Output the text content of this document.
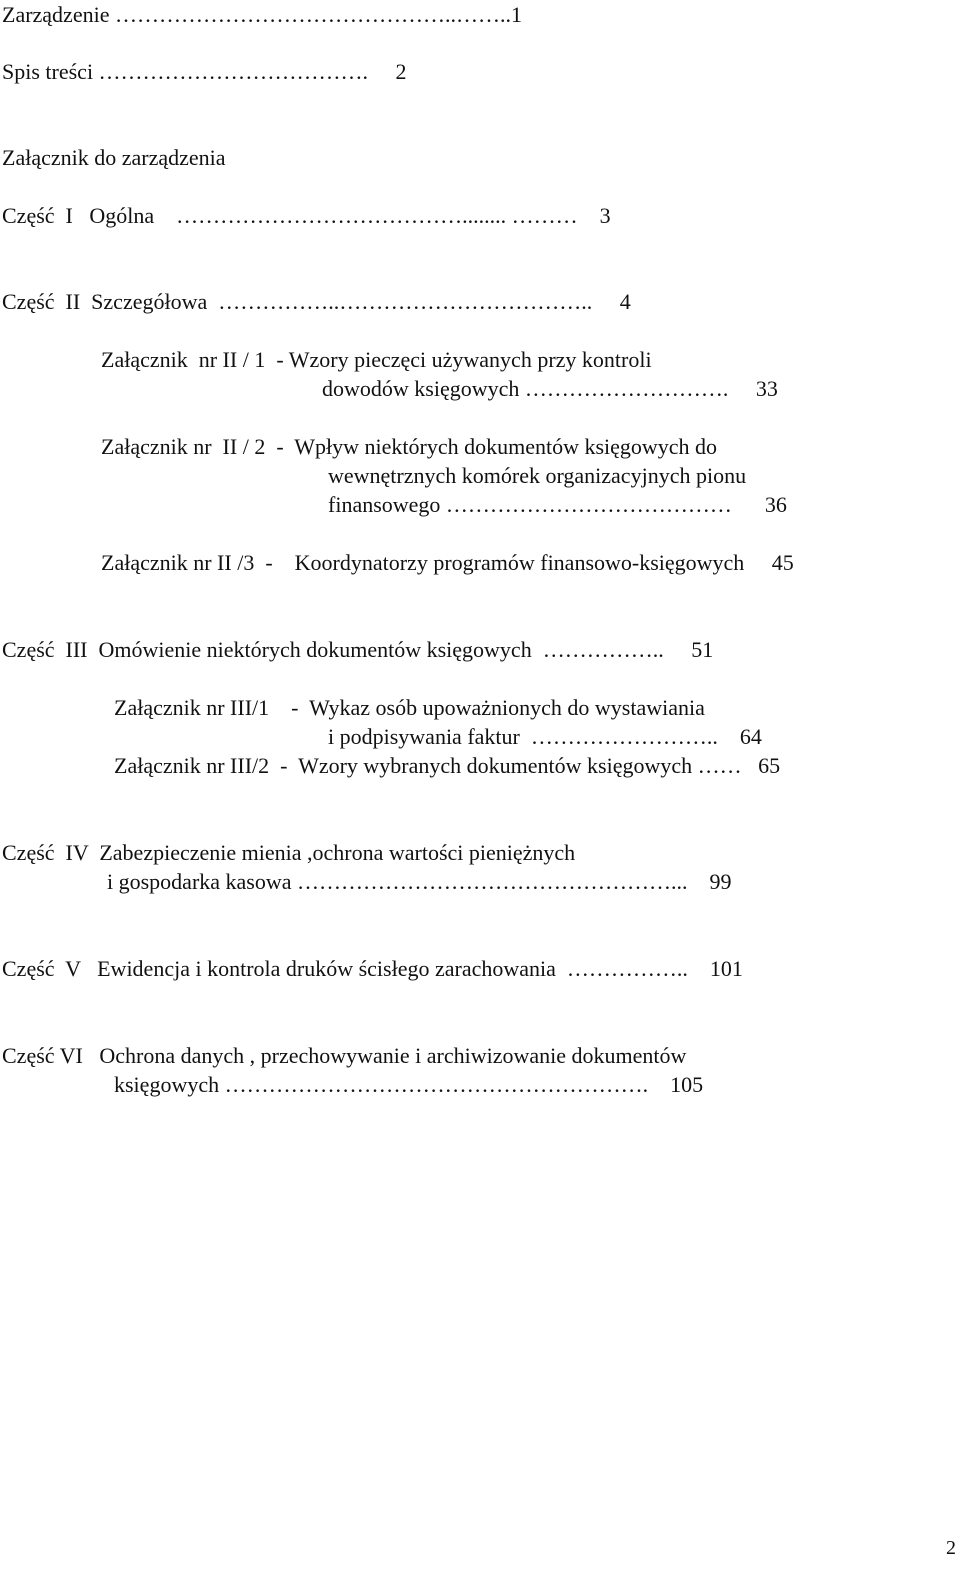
Zarządzenie ………………………………………..……..1
Spis treści ……………………………….     2
Załącznik do zarządzenia
Część  I   Ogólna    …………………………………........ ………    3
Część  II  Szczegółowa  ……………..……………………………..     4
Załącznik  nr II / 1  - Wzory pieczęci używanych przy kontroli
dowodów księgowych ……………………….     33
Załącznik nr  II / 2  -  Wpływ niektórych dokumentów księgowych do
wewnętrznych komórek organizacyjnych pionu
finansowego …………………………………      36
Załącznik nr II /3  -    Koordynatorzy programów finansowo-księgowych     45
Część  III  Omówienie niektórych dokumentów księgowych  ……………..     51
Załącznik nr III/1    -  Wykaz osób upoważnionych do wystawiania
i podpisywania faktur  ……………………..    64
Załącznik nr III/2  -  Wzory wybranych dokumentów księgowych ……   65
Część  IV  Zabezpieczenie mienia ,ochrona wartości pieniężnych
i gospodarka kasowa ……………………………………………...    99
Część  V   Ewidencja i kontrola druków ścisłego zarachowania  ……………..    101
Część VI   Ochrona danych , przechowywanie i archiwizowanie dokumentów
księgowych ………………………………………………….    105
2
